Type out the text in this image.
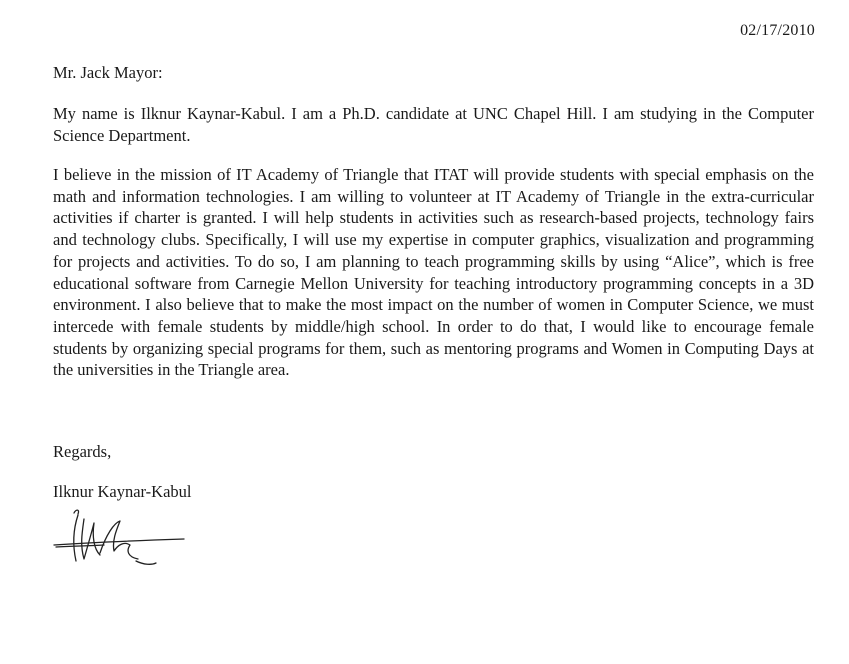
02/17/2010
Mr. Jack Mayor:

My name is Ilknur Kaynar-Kabul. I am a Ph.D. candidate at UNC Chapel Hill. I am studying in the Computer Science Department.

I believe in the mission of IT Academy of Triangle that ITAT will provide students with special emphasis on the math and information technologies. I am willing to volunteer at IT Academy of Triangle in the extra-curricular activities if charter is granted. I will help students in activities such as research-based projects, technology fairs and technology clubs. Specifically, I will use my expertise in computer graphics, visualization and programming for projects and activities. To do so, I am planning to teach programming skills by using “Alice”, which is free educational software from Carnegie Mellon University for teaching introductory programming concepts in a 3D environment. I also believe that to make the most impact on the number of women in Computer Science, we must intercede with female students by middle/high school. In order to do that, I would like to encourage female students by organizing special programs for them, such as mentoring programs and Women in Computing Days at the universities in the Triangle area.

Regards,
Ilknur Kaynar-Kabul
